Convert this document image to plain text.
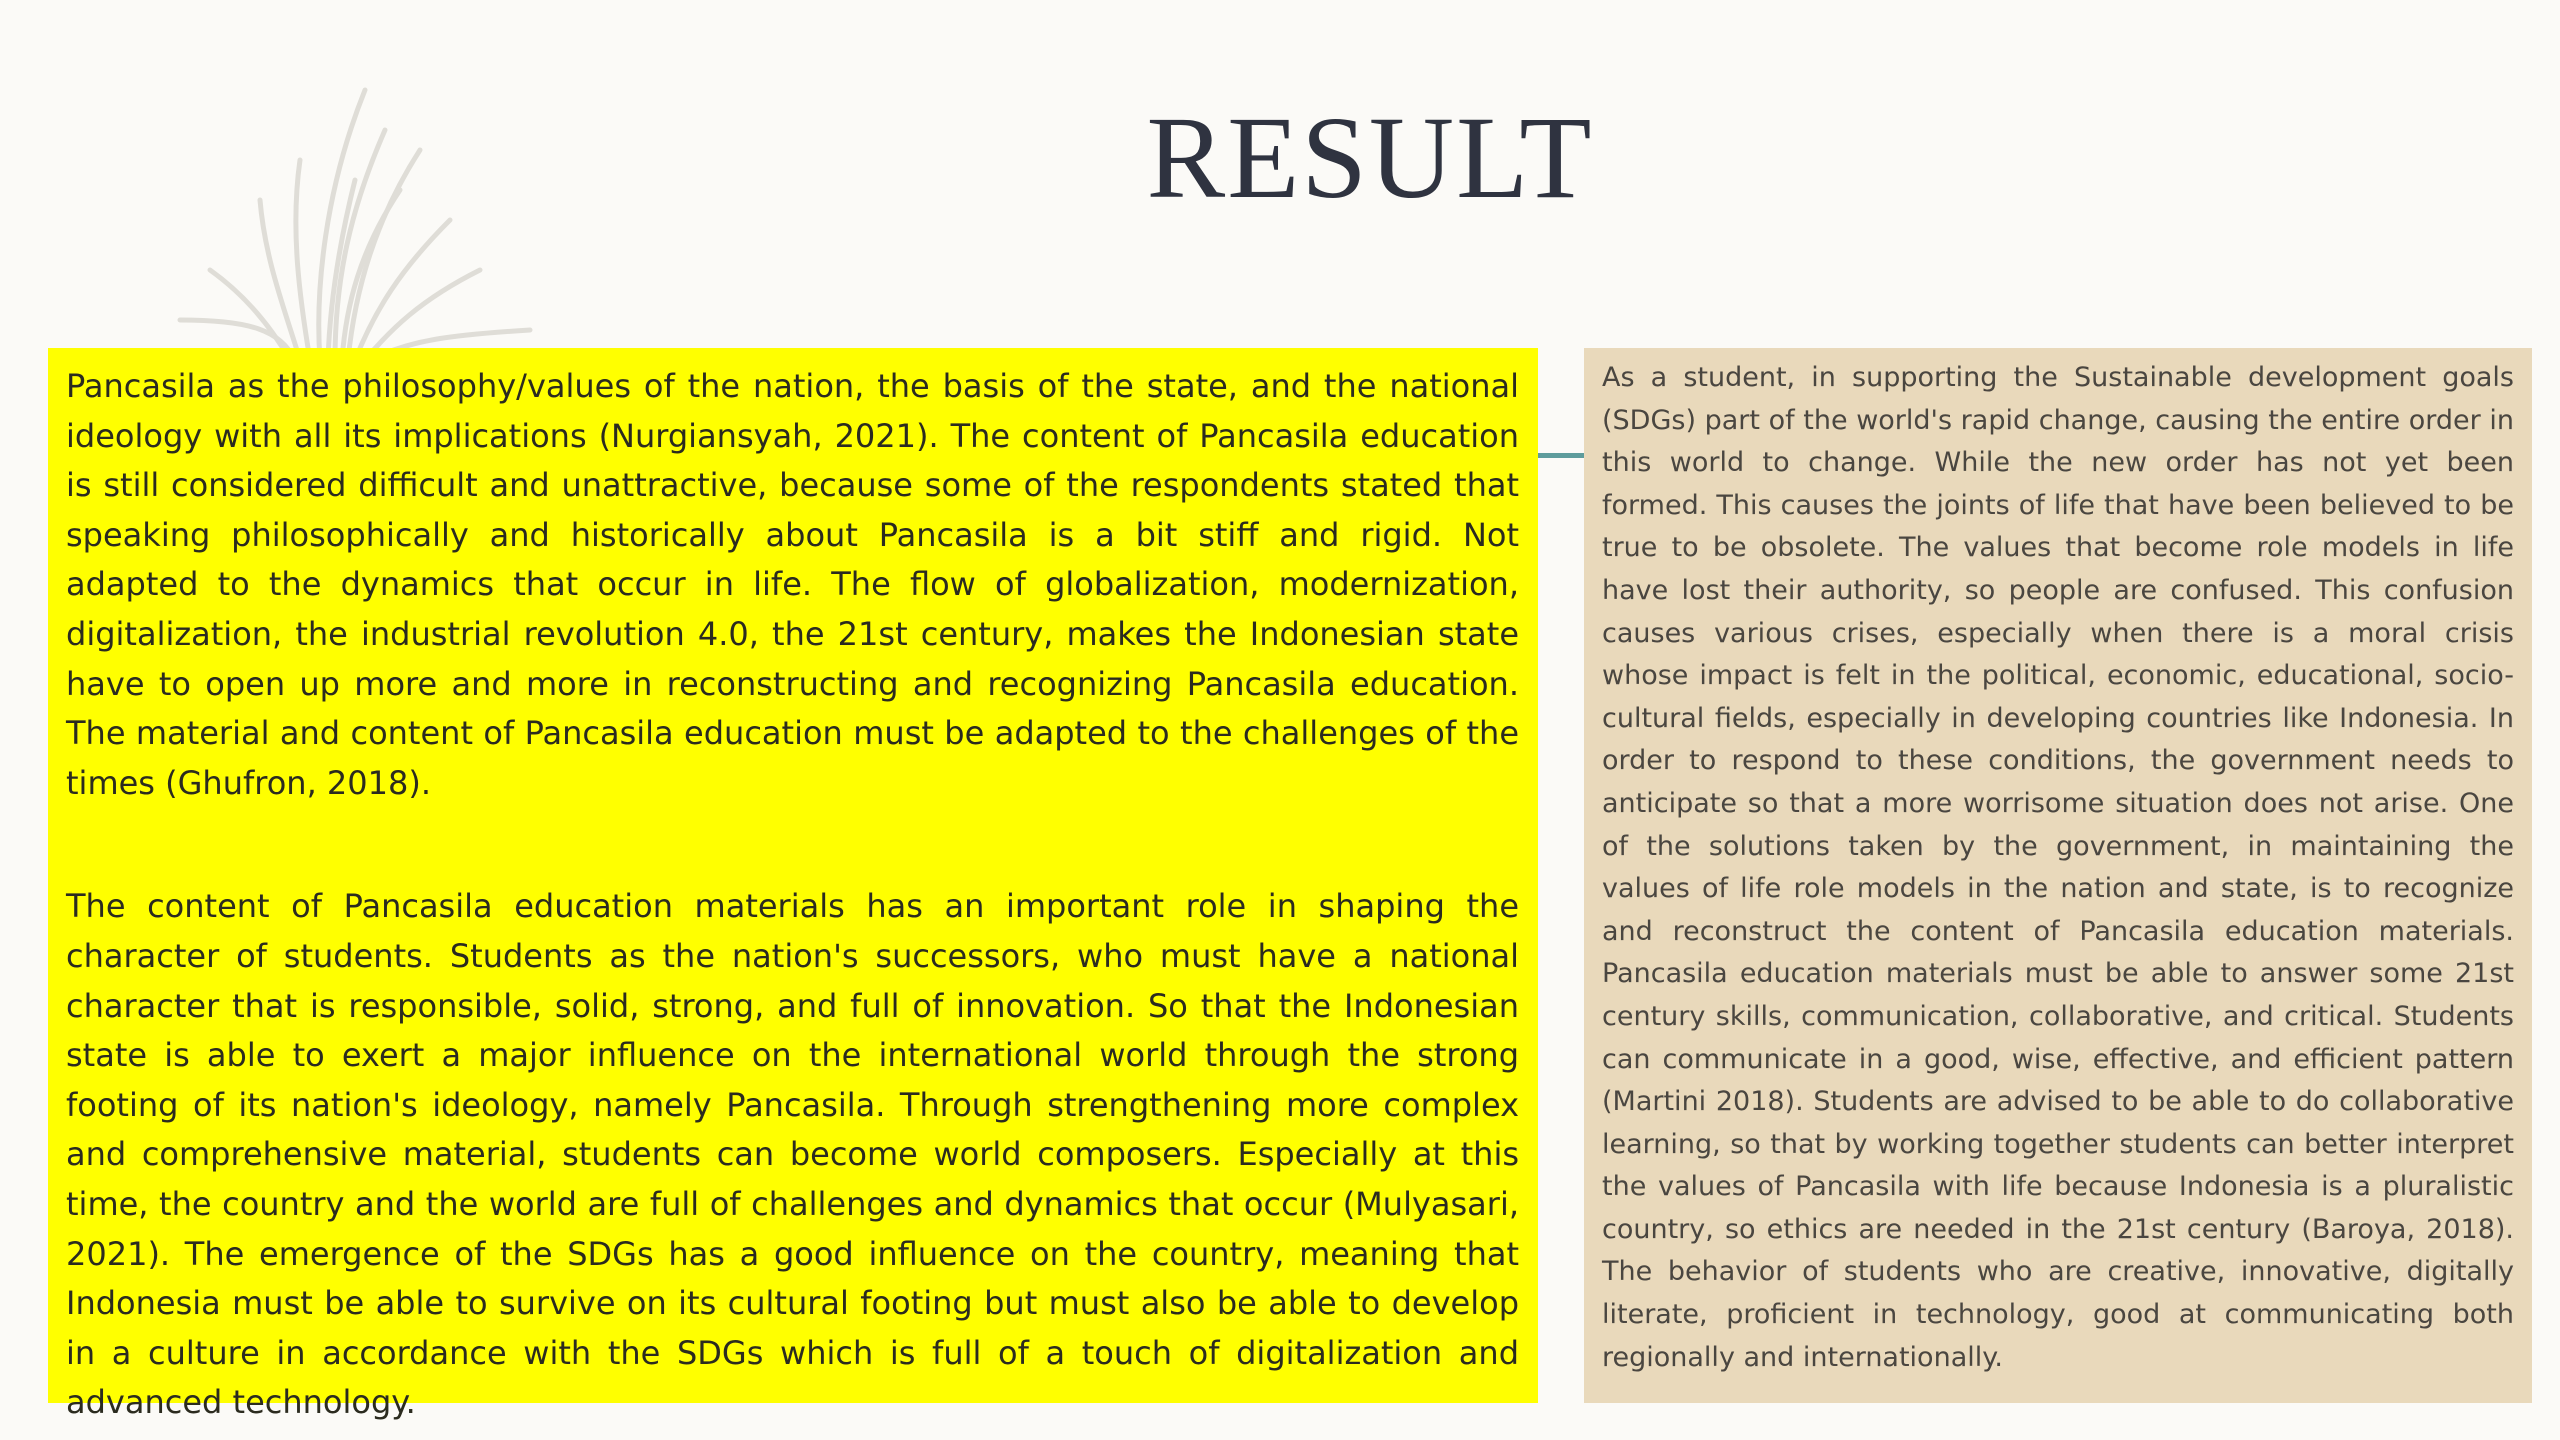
RESULT

Pancasila as the philosophy/values of the nation, the basis of the state, and the national ideology with all its implications (Nurgiansyah, 2021). The content of Pancasila education is still considered difficult and unattractive, because some of the respondents stated that speaking philosophically and historically about Pancasila is a bit stiff and rigid. Not adapted to the dynamics that occur in life. The flow of globalization, modernization, digitalization, the industrial revolution 4.0, the 21st century, makes the Indonesian state have to open up more and more in reconstructing and recognizing Pancasila education. The material and content of Pancasila education must be adapted to the challenges of the times (Ghufron, 2018).

The content of Pancasila education materials has an important role in shaping the character of students. Students as the nation's successors, who must have a national character that is responsible, solid, strong, and full of innovation. So that the Indonesian state is able to exert a major influence on the international world through the strong footing of its nation's ideology, namely Pancasila. Through strengthening more complex and comprehensive material, students can become world composers. Especially at this time, the country and the world are full of challenges and dynamics that occur (Mulyasari, 2021). The emergence of the SDGs has a good influence on the country, meaning that Indonesia must be able to survive on its cultural footing but must also be able to develop in a culture in accordance with the SDGs which is full of a touch of digitalization and advanced technology.

As a student, in supporting the Sustainable development goals (SDGs) part of the world's rapid change, causing the entire order in this world to change. While the new order has not yet been formed. This causes the joints of life that have been believed to be true to be obsolete. The values that become role models in life have lost their authority, so people are confused. This confusion causes various crises, especially when there is a moral crisis whose impact is felt in the political, economic, educational, socio-cultural fields, especially in developing countries like Indonesia. In order to respond to these conditions, the government needs to anticipate so that a more worrisome situation does not arise. One of the solutions taken by the government, in maintaining the values of life role models in the nation and state, is to recognize and reconstruct the content of Pancasila education materials. Pancasila education materials must be able to answer some 21st century skills, communication, collaborative, and critical. Students can communicate in a good, wise, effective, and efficient pattern (Martini 2018). Students are advised to be able to do collaborative learning, so that by working together students can better interpret the values of Pancasila with life because Indonesia is a pluralistic country, so ethics are needed in the 21st century (Baroya, 2018). The behavior of students who are creative, innovative, digitally literate, proficient in technology, good at communicating both regionally and internationally.
